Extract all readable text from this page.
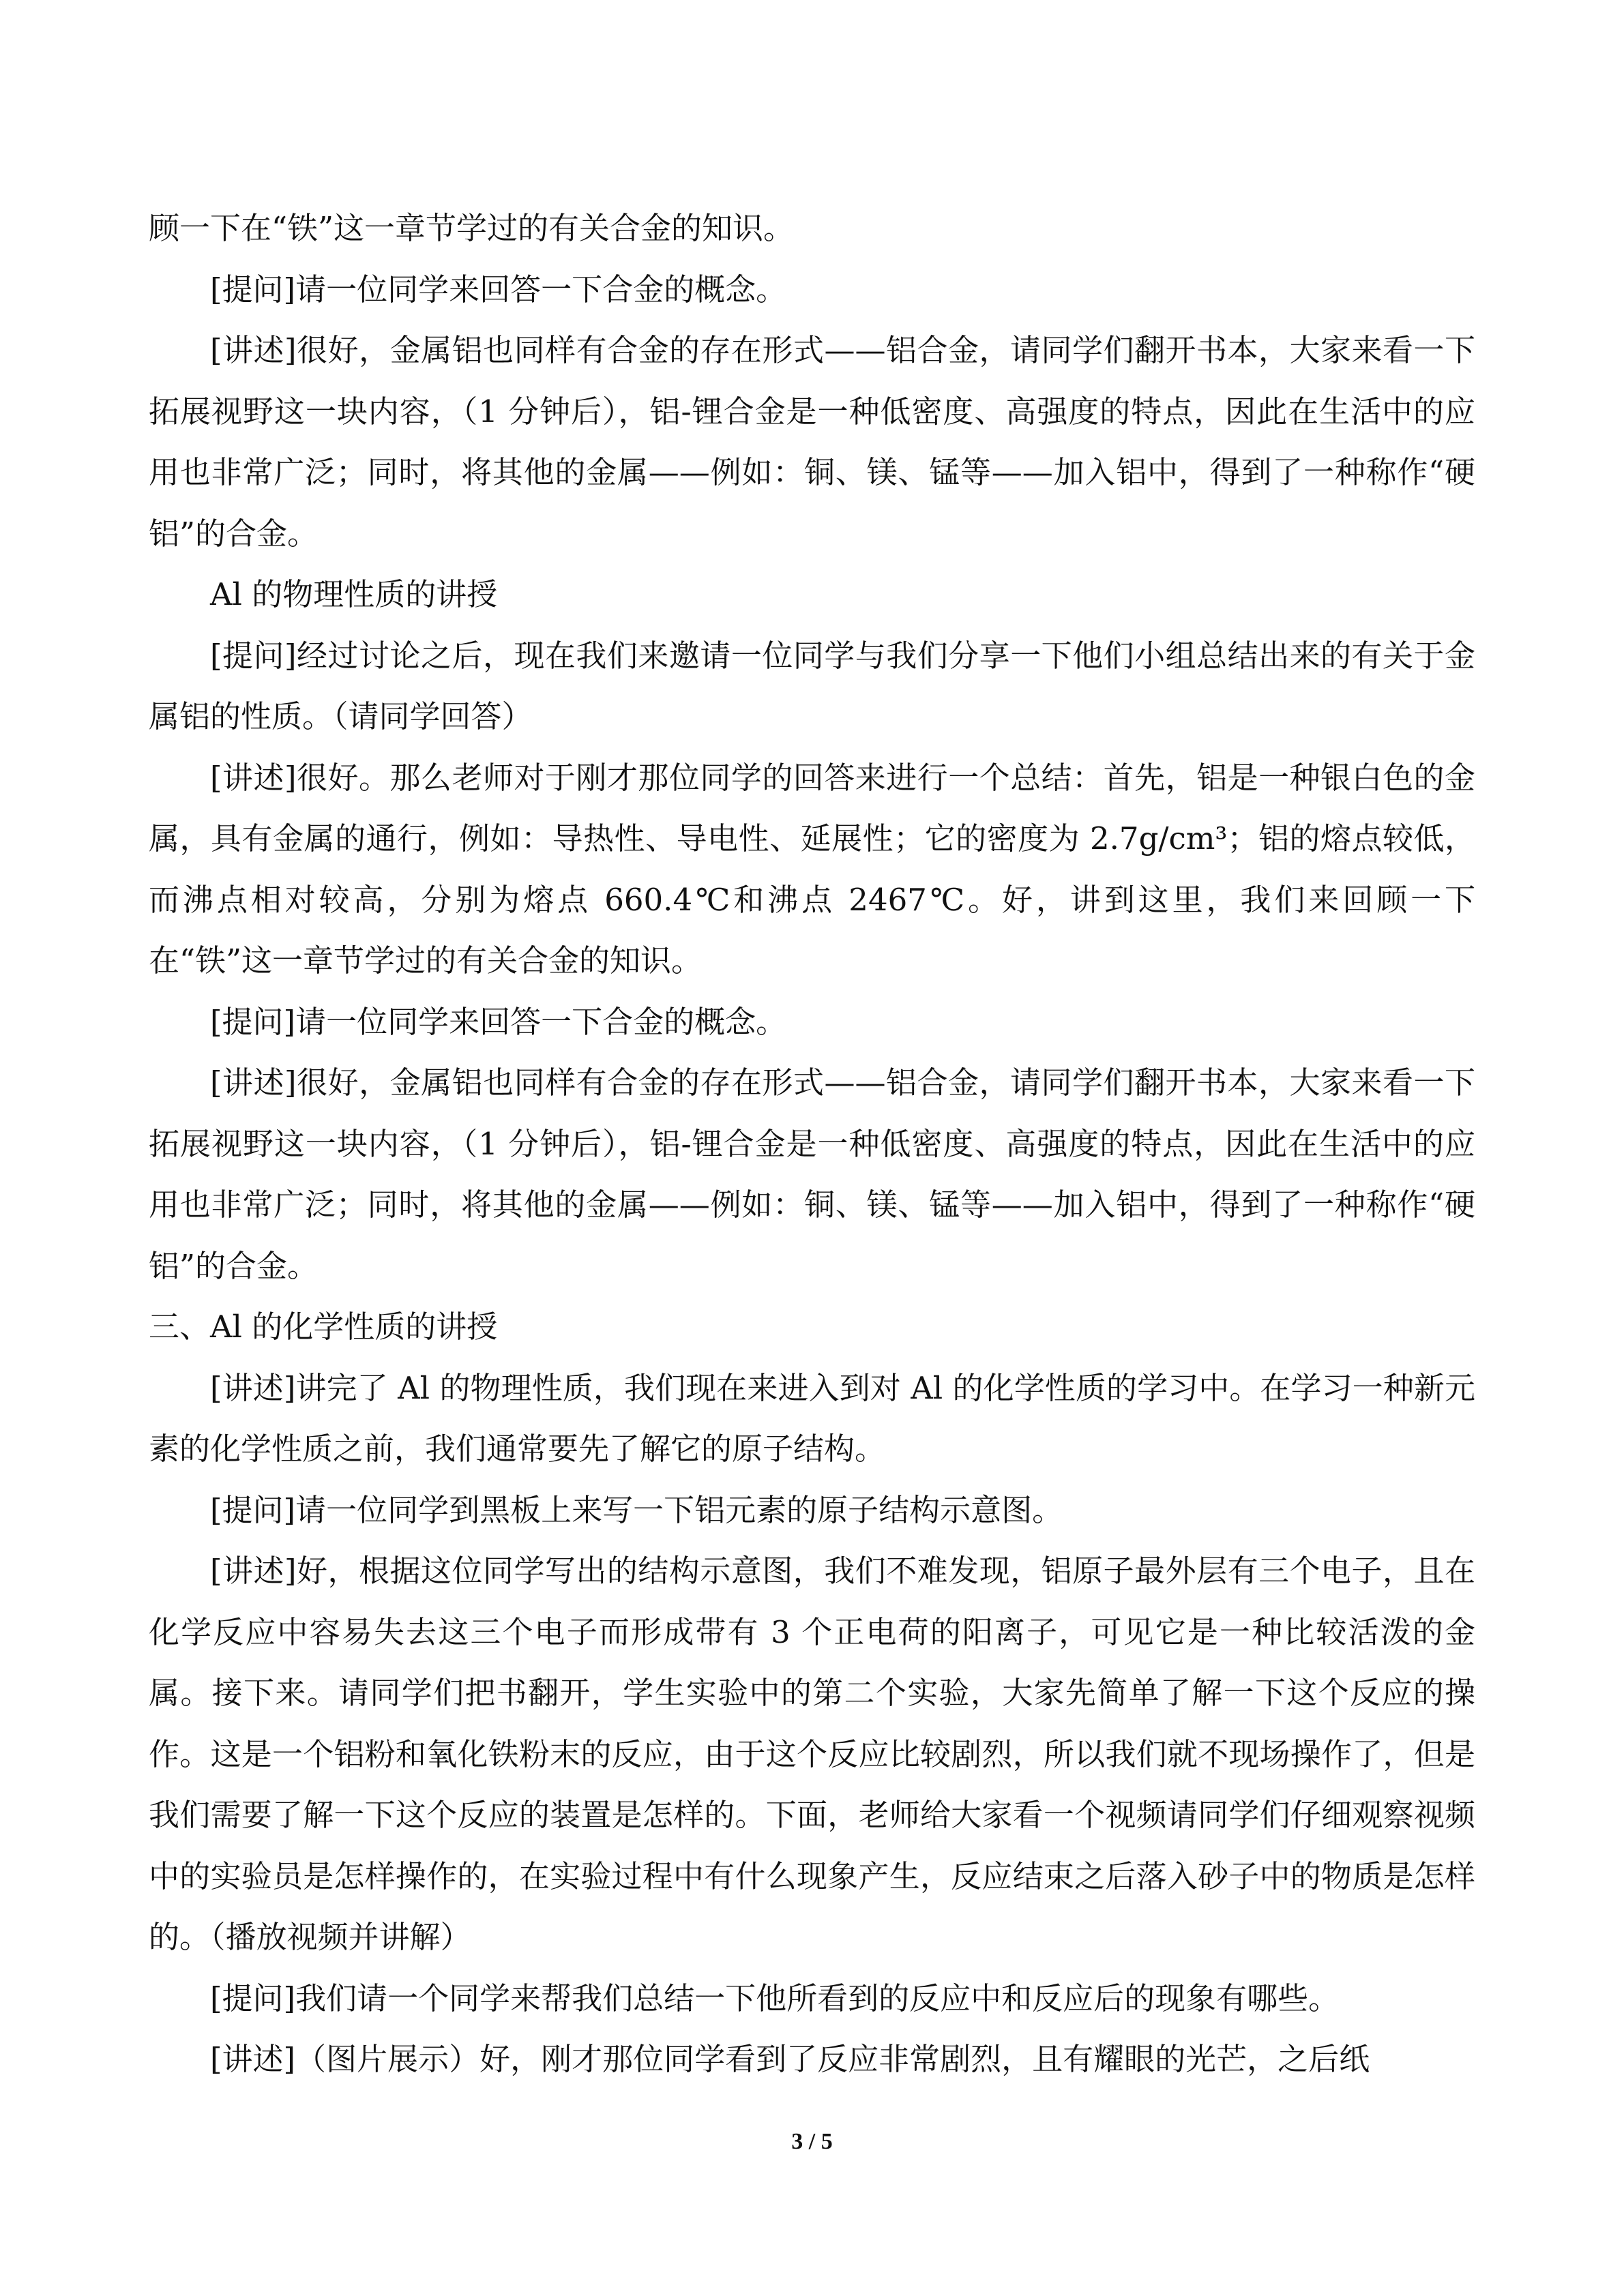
顾一下在“铁”这一章节学过的有关合金的知识。

[提问]请一位同学来回答一下合金的概念。

[讲述]很好，金属铝也同样有合金的存在形式——铝合金，请同学们翻开书本，大家来看一下拓展视野这一块内容，（1 分钟后），铝-锂合金是一种低密度、高强度的特点，因此在生活中的应用也非常广泛；同时，将其他的金属——例如：铜、镁、锰等——加入铝中，得到了一种称作“硬铝”的合金。

Al 的物理性质的讲授

[提问]经过讨论之后，现在我们来邀请一位同学与我们分享一下他们小组总结出来的有关于金属铝的性质。（请同学回答）

[讲述]很好。那么老师对于刚才那位同学的回答来进行一个总结：首先，铝是一种银白色的金属，具有金属的通行，例如：导热性、导电性、延展性；它的密度为 2.7g/cm³；铝的熔点较低，而沸点相对较高，分别为熔点 660.4℃和沸点 2467℃。好，讲到这里，我们来回顾一下在“铁”这一章节学过的有关合金的知识。

[提问]请一位同学来回答一下合金的概念。

[讲述]很好，金属铝也同样有合金的存在形式——铝合金，请同学们翻开书本，大家来看一下拓展视野这一块内容，（1 分钟后），铝-锂合金是一种低密度、高强度的特点，因此在生活中的应用也非常广泛；同时，将其他的金属——例如：铜、镁、锰等——加入铝中，得到了一种称作“硬铝”的合金。

三、Al 的化学性质的讲授

[讲述]讲完了 Al 的物理性质，我们现在来进入到对 Al 的化学性质的学习中。在学习一种新元素的化学性质之前，我们通常要先了解它的原子结构。

[提问]请一位同学到黑板上来写一下铝元素的原子结构示意图。

[讲述]好，根据这位同学写出的结构示意图，我们不难发现，铝原子最外层有三个电子，且在化学反应中容易失去这三个电子而形成带有 3 个正电荷的阳离子，可见它是一种比较活泼的金属。接下来。请同学们把书翻开，学生实验中的第二个实验，大家先简单了解一下这个反应的操作。这是一个铝粉和氧化铁粉末的反应，由于这个反应比较剧烈，所以我们就不现场操作了，但是我们需要了解一下这个反应的装置是怎样的。下面，老师给大家看一个视频请同学们仔细观察视频中的实验员是怎样操作的，在实验过程中有什么现象产生，反应结束之后落入砂子中的物质是怎样的。（播放视频并讲解）

[提问]我们请一个同学来帮我们总结一下他所看到的反应中和反应后的现象有哪些。

[讲述]（图片展示）好，刚才那位同学看到了反应非常剧烈，且有耀眼的光芒，之后纸

3 / 5
